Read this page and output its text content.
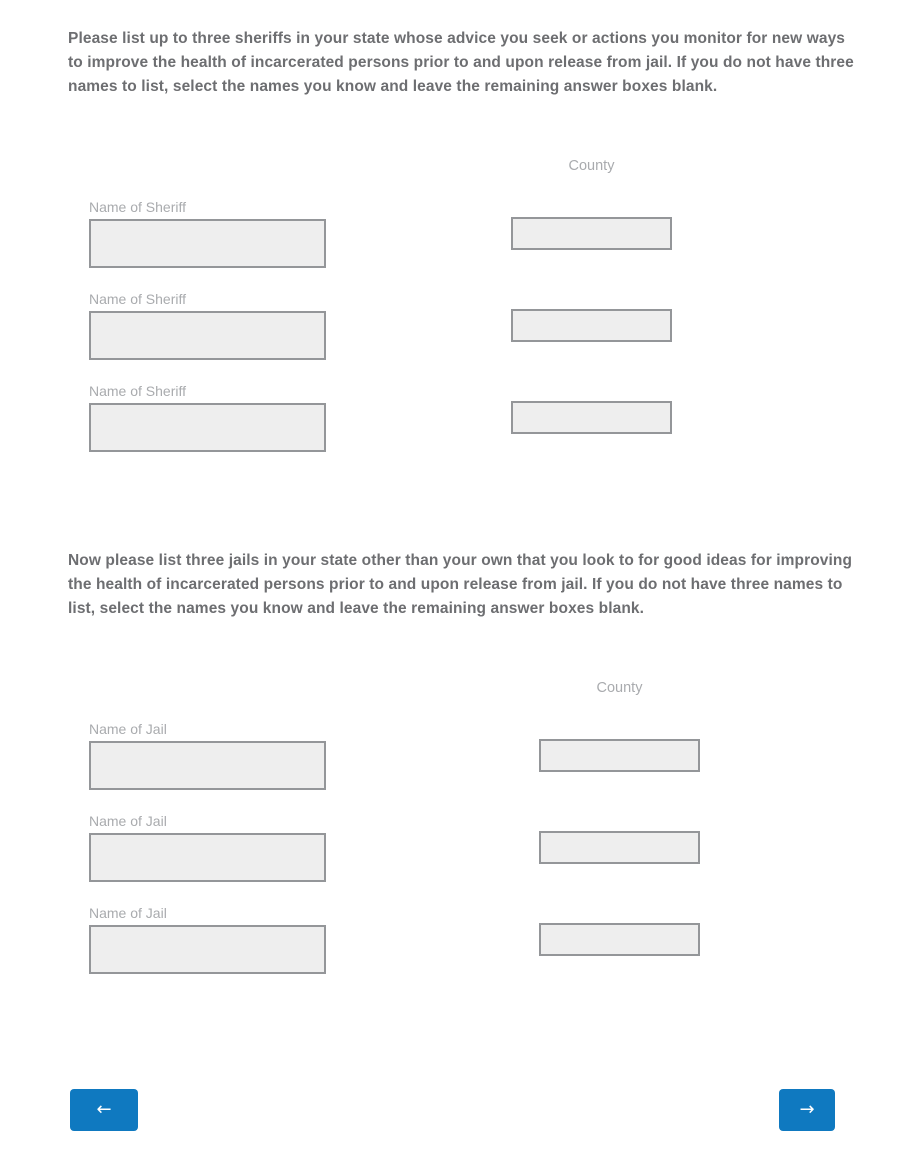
Please list up to three sheriffs in your state whose advice you seek or actions you monitor for new ways to improve the health of incarcerated persons prior to and upon release from jail. If you do not have three names to list, select the names you know and leave the remaining answer boxes blank.
County
Name of Sheriff
Name of Sheriff
Name of Sheriff
Now please list three jails in your state other than your own that you look to for good ideas for improving the health of incarcerated persons prior to and upon release from jail. If you do not have three names to list, select the names you know and leave the remaining answer boxes blank.
County
Name of Jail
Name of Jail
Name of Jail
←	→
